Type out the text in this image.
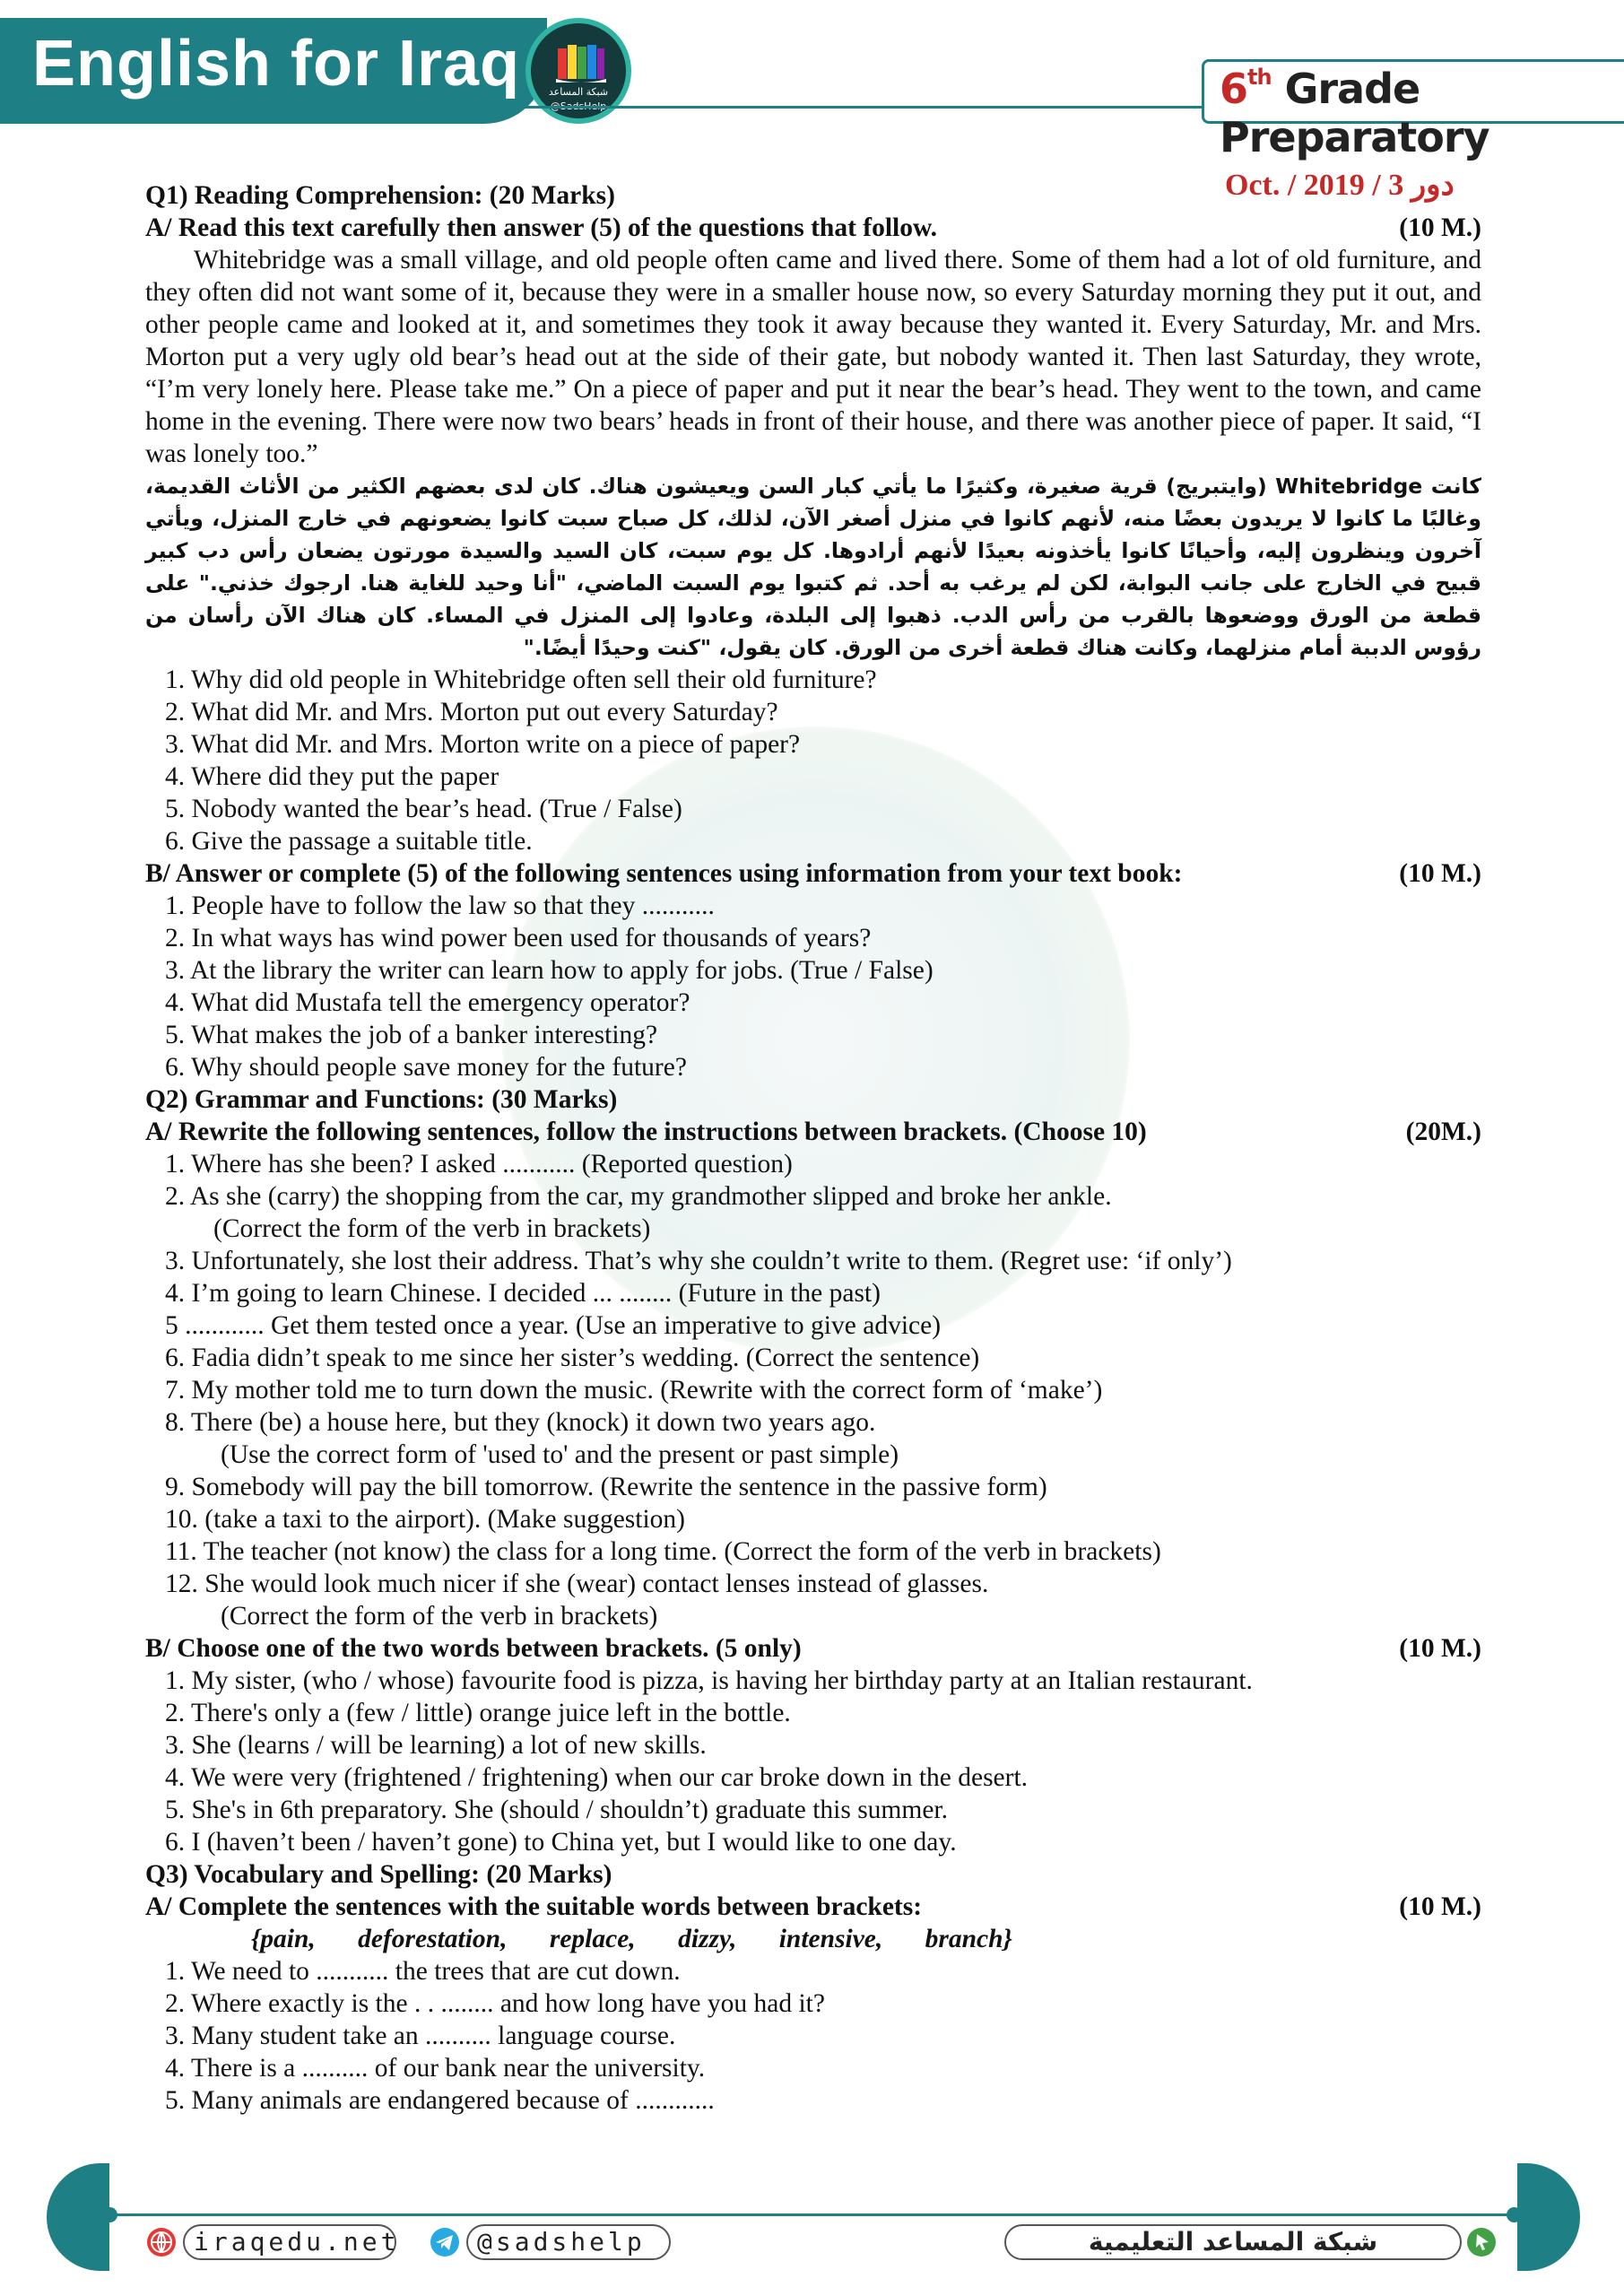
English for Iraq	شبكة المساعد	6th Grade Preparatory
Oct. / 2019 / 3 دور
Q1) Reading Comprehension: (20 Marks)
A/ Read this text carefully then answer (5) of the questions that follow.	(10 M.)

Whitebridge was a small village, and old people often came and lived there. Some of them had a lot of old furniture, and they often did not want some of it, because they were in a smaller house now, so every Saturday morning they put it out, and other people came and looked at it, and sometimes they took it away because they wanted it. Every Saturday, Mr. and Mrs. Morton put a very ugly old bear’s head out at the side of their gate, but nobody wanted it. Then last Saturday, they wrote, “I’m very lonely here. Please take me.” On a piece of paper and put it near the bear’s head. They went to the town, and came home in the evening. There were now two bears’ heads in front of their house, and there was another piece of paper. It said, “I was lonely too.”

كانت Whitebridge (وايتبريج) قرية صغيرة، وكثيرًا ما يأتي كبار السن ويعيشون هناك. كان لدى بعضهم الكثير من الأثاث القديمة، وغالبًا ما كانوا لا يريدون بعضًا منه، لأنهم كانوا في منزل أصغر الآن، لذلك، كل صباح سبت كانوا يضعونهم في خارج المنزل، ويأتي آخرون وينظرون إليه، وأحيانًا كانوا يأخذونه بعيدًا لأنهم أرادوها. كل يوم سبت، كان السيد والسيدة مورتون يضعان رأس دب كبير قبيح في الخارج على جانب البوابة، لكن لم يرغب به أحد. ثم كتبوا يوم السبت الماضي، "أنا وحيد للغاية هنا. ارجوك خذني." على قطعة من الورق ووضعوها بالقرب من رأس الدب. ذهبوا إلى البلدة، وعادوا إلى المنزل في المساء. كان هناك الآن رأسان من رؤوس الدببة أمام منزلهما، وكانت هناك قطعة أخرى من الورق. كان يقول، "كنت وحيدًا أيضًا."

1. Why did old people in Whitebridge often sell their old furniture?
2. What did Mr. and Mrs. Morton put out every Saturday?
3. What did Mr. and Mrs. Morton write on a piece of paper?
4. Where did they put the paper
5. Nobody wanted the bear’s head. (True / False)
6. Give the passage a suitable title.
B/ Answer or complete (5) of the following sentences using information from your text book:	(10 M.)
1. People have to follow the law so that they ...........
2. In what ways has wind power been used for thousands of years?
3. At the library the writer can learn how to apply for jobs. (True / False)
4. What did Mustafa tell the emergency operator?
5. What makes the job of a banker interesting?
6. Why should people save money for the future?
Q2) Grammar and Functions: (30 Marks)
A/ Rewrite the following sentences, follow the instructions between brackets. (Choose 10)	(20M.)
1. Where has she been? I asked ........... (Reported question)
2. As she (carry) the shopping from the car, my grandmother slipped and broke her ankle.
(Correct the form of the verb in brackets)
3. Unfortunately, she lost their address. That’s why she couldn’t write to them. (Regret use: ‘if only’)
4. I’m going to learn Chinese. I decided ... ........ (Future in the past)
5 ............ Get them tested once a year. (Use an imperative to give advice)
6. Fadia didn’t speak to me since her sister’s wedding. (Correct the sentence)
7. My mother told me to turn down the music. (Rewrite with the correct form of ‘make’)
8. There (be) a house here, but they (knock) it down two years ago.
(Use the correct form of 'used to' and the present or past simple)
9. Somebody will pay the bill tomorrow. (Rewrite the sentence in the passive form)
10. (take a taxi to the airport). (Make suggestion)
11. The teacher (not know) the class for a long time. (Correct the form of the verb in brackets)
12. She would look much nicer if she (wear) contact lenses instead of glasses.
(Correct the form of the verb in brackets)
B/ Choose one of the two words between brackets. (5 only)	(10 M.)
1. My sister, (who / whose) favourite food is pizza, is having her birthday party at an Italian restaurant.
2. There's only a (few / little) orange juice left in the bottle.
3. She (learns / will be learning) a lot of new skills.
4. We were very (frightened / frightening) when our car broke down in the desert.
5. She's in 6th preparatory. She (should / shouldn’t) graduate this summer.
6. I (haven’t been / haven’t gone) to China yet, but I would like to one day.
Q3) Vocabulary and Spelling: (20 Marks)
A/ Complete the sentences with the suitable words between brackets:	(10 M.)
{pain, deforestation, replace, dizzy, intensive, branch}
1. We need to ........... the trees that are cut down.
2. Where exactly is the . . ........ and how long have you had it?
3. Many student take an .......... language course.
4. There is a .......... of our bank near the university.
5. Many animals are endangered because of ............
iraqedu.net	@sadshelp	شبكة المساعد التعليمية
